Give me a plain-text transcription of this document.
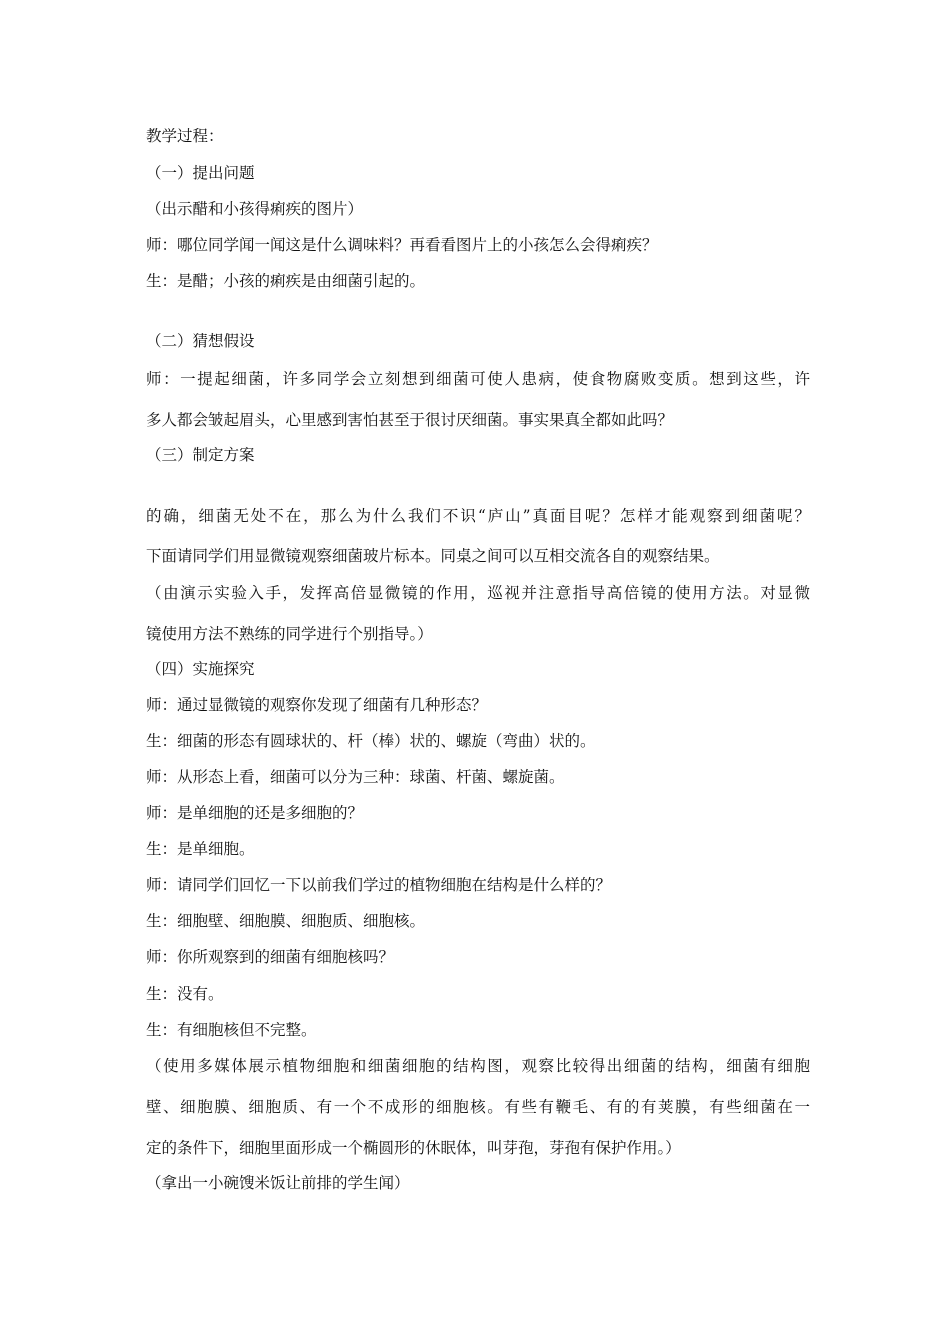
教学过程：
（一）提出问题
（出示醋和小孩得痢疾的图片）
师：哪位同学闻一闻这是什么调味料？再看看图片上的小孩怎么会得痢疾？
生：是醋；小孩的痢疾是由细菌引起的。
（二）猜想假设
师：一提起细菌，许多同学会立刻想到细菌可使人患病，使食物腐败变质。想到这些，许
多人都会皱起眉头，心里感到害怕甚至于很讨厌细菌。事实果真全都如此吗？
（三）制定方案
的确，细菌无处不在，那么为什么我们不识“庐山”真面目呢？怎样才能观察到细菌呢？
下面请同学们用显微镜观察细菌玻片标本。同桌之间可以互相交流各自的观察结果。
（由演示实验入手，发挥高倍显微镜的作用，巡视并注意指导高倍镜的使用方法。对显微
镜使用方法不熟练的同学进行个别指导。）
（四）实施探究
师：通过显微镜的观察你发现了细菌有几种形态？
生：细菌的形态有圆球状的、杆（棒）状的、螺旋（弯曲）状的。
师：从形态上看，细菌可以分为三种：球菌、杆菌、螺旋菌。
师：是单细胞的还是多细胞的？
生：是单细胞。
师：请同学们回忆一下以前我们学过的植物细胞在结构是什么样的？
生：细胞壁、细胞膜、细胞质、细胞核。
师：你所观察到的细菌有细胞核吗？
生：没有。
生：有细胞核但不完整。
（使用多媒体展示植物细胞和细菌细胞的结构图，观察比较得出细菌的结构，细菌有细胞
壁、细胞膜、细胞质、有一个不成形的细胞核。有些有鞭毛、有的有荚膜，有些细菌在一
定的条件下，细胞里面形成一个椭圆形的休眠体，叫芽孢，芽孢有保护作用。）
（拿出一小碗馊米饭让前排的学生闻）
